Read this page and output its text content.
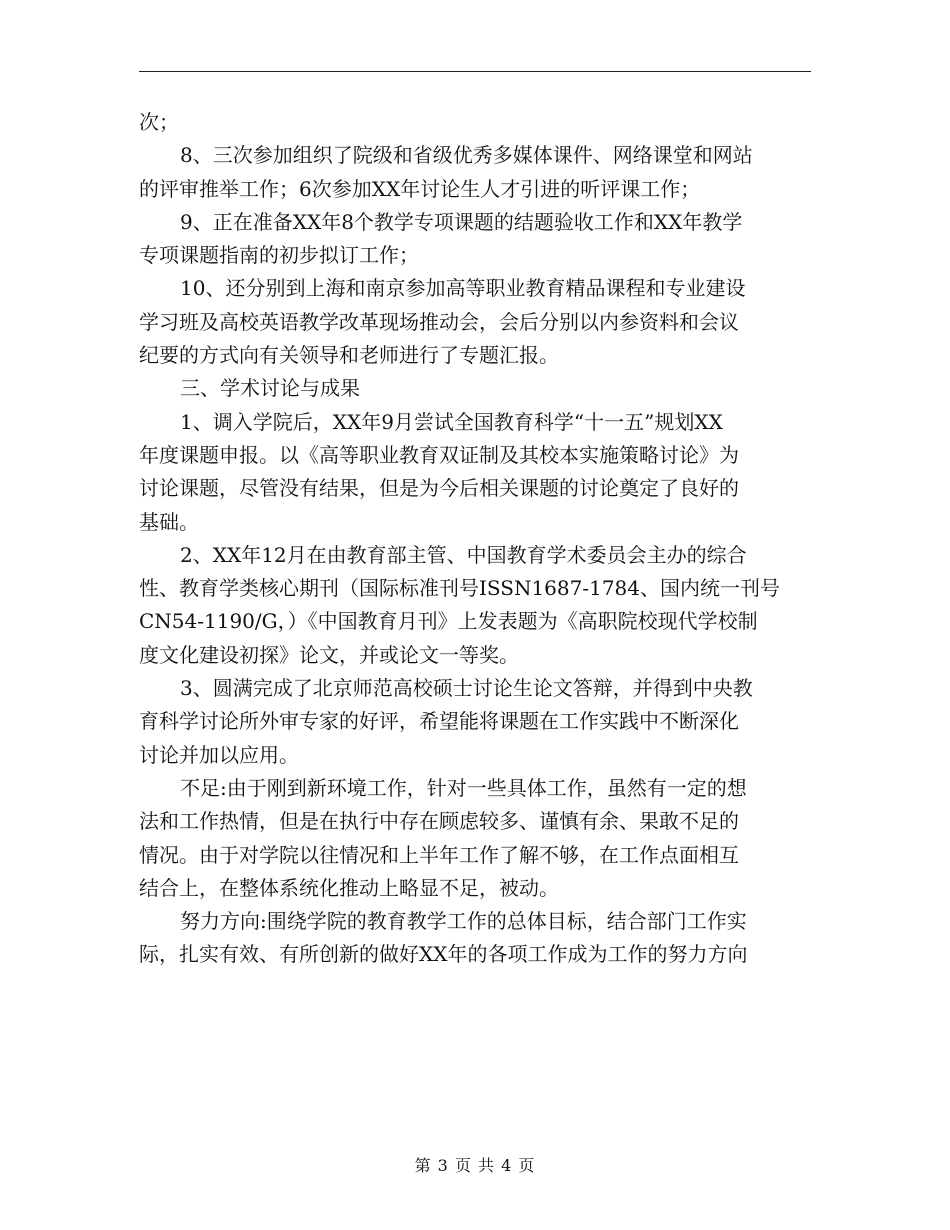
次；
8、三次参加组织了院级和省级优秀多媒体课件、网络课堂和网站
的评审推举工作；6次参加XX年讨论生人才引进的听评课工作；
9、正在准备XX年8个教学专项课题的结题验收工作和XX年教学
专项课题指南的初步拟订工作；
10、还分别到上海和南京参加高等职业教育精品课程和专业建设
学习班及高校英语教学改革现场推动会，会后分别以内参资料和会议
纪要的方式向有关领导和老师进行了专题汇报。
三、学术讨论与成果
1、调入学院后，XX年9月尝试全国教育科学“十一五”规划XX
年度课题申报。以《高等职业教育双证制及其校本实施策略讨论》为
讨论课题，尽管没有结果，但是为今后相关课题的讨论奠定了良好的
基础。
2、XX年12月在由教育部主管、中国教育学术委员会主办的综合
性、教育学类核心期刊（国际标准刊号ISSN1687-1784、国内统一刊号
CN54-1190/G，）《中国教育月刊》上发表题为《高职院校现代学校制
度文化建设初探》论文，并或论文一等奖。
3、圆满完成了北京师范高校硕士讨论生论文答辩，并得到中央教
育科学讨论所外审专家的好评，希望能将课题在工作实践中不断深化
讨论并加以应用。
不足:由于刚到新环境工作，针对一些具体工作，虽然有一定的想
法和工作热情，但是在执行中存在顾虑较多、谨慎有余、果敢不足的
情况。由于对学院以往情况和上半年工作了解不够，在工作点面相互
结合上，在整体系统化推动上略显不足，被动。
努力方向:围绕学院的教育教学工作的总体目标，结合部门工作实
际，扎实有效、有所创新的做好XX年的各项工作成为工作的努力方向
第 3 页 共 4 页
